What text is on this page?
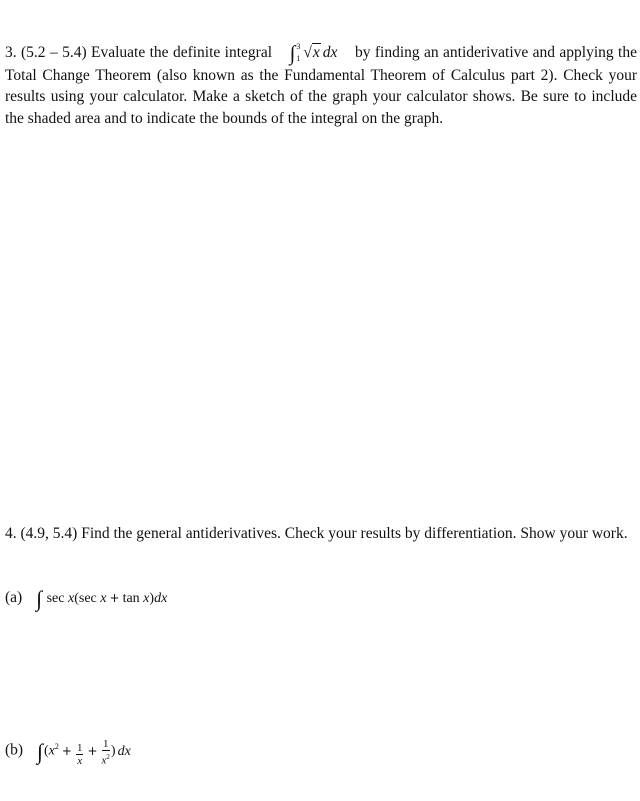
3. (5.2 – 5.4) Evaluate the definite integral ∫ 3
1 √x dx by finding an antiderivative and applying the Total Change Theorem (also known as the Fundamental Theorem of Calculus part 2). Check your results using your calculator. Make a sketch of the graph your calculator shows. Be sure to include the shaded area and to indicate the bounds of the integral on the graph.

4. (4.9, 5.4) Find the general antiderivatives. Check your results by differentiation. Show your work.

(a) ∫ sec x(sec x + tan x)dx
(b) $\int(x^2 + \frac{1}{x} + \frac{1}{x^2}$ ) dx
